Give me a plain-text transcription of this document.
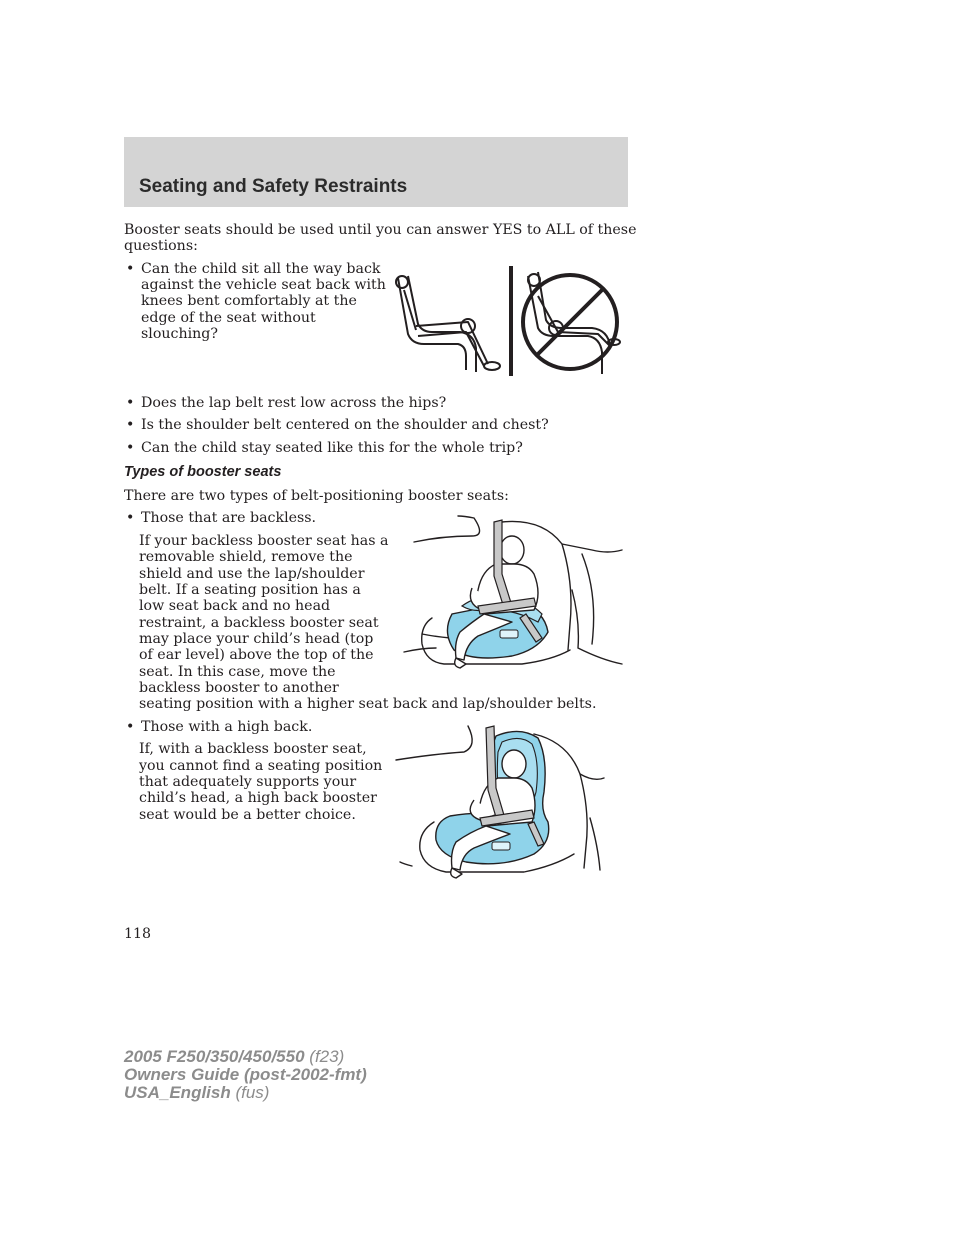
Seating and Safety Restraints

Booster seats should be used until you can answer YES to ALL of these

questions:

• Can the child sit all the way back

against the vehicle seat back with

knees bent comfortably at the

edge of the seat without

slouching?

• Does the lap belt rest low across the hips?

• Is the shoulder belt centered on the shoulder and chest?

• Can the child stay seated like this for the whole trip?

Types of booster seats

There are two types of belt-positioning booster seats:

• Those that are backless.

If your backless booster seat has a

removable shield, remove the

shield and use the lap/shoulder

belt. If a seating position has a

low seat back and no head

restraint, a backless booster seat

may place your child’s head (top

of ear level) above the top of the

seat. In this case, move the

backless booster to another

seating position with a higher seat back and lap/shoulder belts.

• Those with a high back.

If, with a backless booster seat,

you cannot find a seating position

that adequately supports your

child’s head, a high back booster

seat would be a better choice.

118
2005 F250/350/450/550 (f23)
Owners Guide (post-2002-fmt)
USA_English (fus)
